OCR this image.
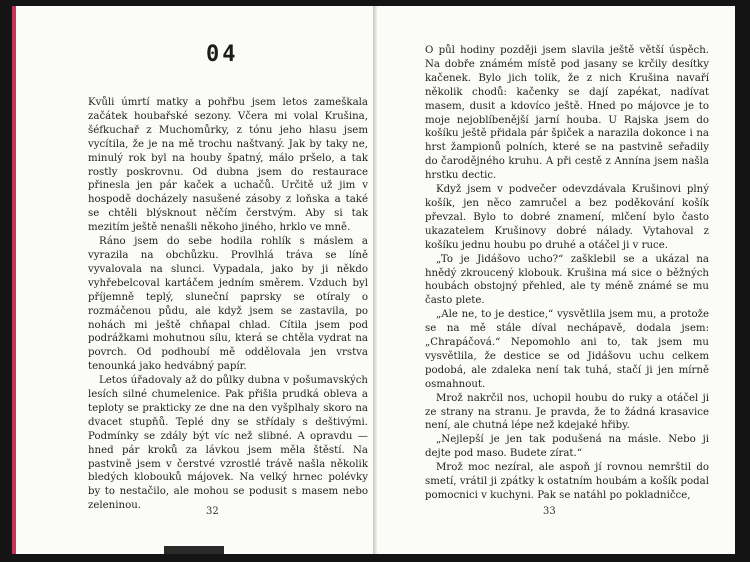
04

Kvůli úmrtí matky a pohřbu jsem letos zameškala začátek houbařské sezony. Včera mi volal Krušina, šéfkuchař z Muchomůrky, z tónu jeho hlasu jsem vycítila, že je na mě trochu naštvaný. Jak by taky ne, minulý rok byl na houby špatný, málo pršelo, a tak rostly poskrovnu. Od dubna jsem do restaurace přinesla jen pár kaček a uchačů. Určitě už jim v hospodě docházely nasušené zásoby z loňska a také se chtěli blýsknout něčím čerstvým. Aby si tak mezitím ještě nenašli někoho jiného, hrklo ve mně.

Ráno jsem do sebe hodila rohlík s máslem a vyrazila na obchůzku. Provlhlá tráva se líně vyvalovala na slunci. Vypadala, jako by ji někdo vyhřebelcoval kartáčem jedním směrem. Vzduch byl příjemně teplý, sluneční paprsky se otíraly o rozmáčenou půdu, ale když jsem se zastavila, po nohách mi ještě chňapal chlad. Cítila jsem pod podrážkami mohutnou sílu, která se chtěla vydrat na povrch. Od podhoubí mě oddělovala jen vrstva tenounká jako hedvábný papír.

Letos úřadovaly až do půlky dubna v pošumavských lesích silné chumelenice. Pak přišla prudká obleva a teploty se prakticky ze dne na den vyšplhaly skoro na dvacet stupňů. Teplé dny se střídaly s deštivými. Podmínky se zdály být víc než slibné. A opravdu — hned pár kroků za lávkou jsem měla štěstí. Na pastvině jsem v čerstvé vzrostlé trávě našla několik bledých klobouků májovek. Na velký hrnec polévky by to nestačilo, ale mohou se podusit s masem nebo zeleninou.

32

O půl hodiny později jsem slavila ještě větší úspěch. Na dobře známém místě pod jasany se krčily desítky kačenek. Bylo jich tolik, že z nich Krušina navaří několik chodů: kačenky se dají zapékat, nadívat masem, dusit a kdovíco ještě. Hned po májovce je to moje nejoblíbenější jarní houba. U Rajska jsem do košíku ještě přidala pár špiček a narazila dokonce i na hrst žampionů polních, které se na pastvině seřadily do čarodějného kruhu. A při cestě z Annína jsem našla hrstku dectic.

Když jsem v podvečer odevzdávala Krušinovi plný košík, jen něco zamručel a bez poděkování košík převzal. Bylo to dobré znamení, mlčení bylo často ukazatelem Krušinovy dobré nálady. Vytahoval z košíku jednu houbu po druhé a otáčel ji v ruce.

„To je Jidášovo ucho?“ zašklebil se a ukázal na hnědý zkroucený klobouk. Krušina má sice o běžných houbách obstojný přehled, ale ty méně známé se mu často plete.

„Ale ne, to je destice,“ vysvětlila jsem mu, a protože se na mě stále díval nechápavě, dodala jsem: „Chrapáčová.“ Nepomohlo ani to, tak jsem mu vysvětlila, že destice se od Jidášovu uchu celkem podobá, ale zdaleka není tak tuhá, stačí ji jen mírně osmahnout.

Mrož nakrčil nos, uchopil houbu do ruky a otáčel ji ze strany na stranu. Je pravda, že to žádná krasavice není, ale chutná lépe než kdejaké hřiby.

„Nejlepší je jen tak podušená na másle. Nebo ji dejte pod maso. Budete zírat.“

Mrož moc nezíral, ale aspoň jí rovnou nemrštil do smetí, vrátil ji zpátky k ostatním houbám a košík podal pomocnici v kuchyni. Pak se natáhl po pokladničce,

33
